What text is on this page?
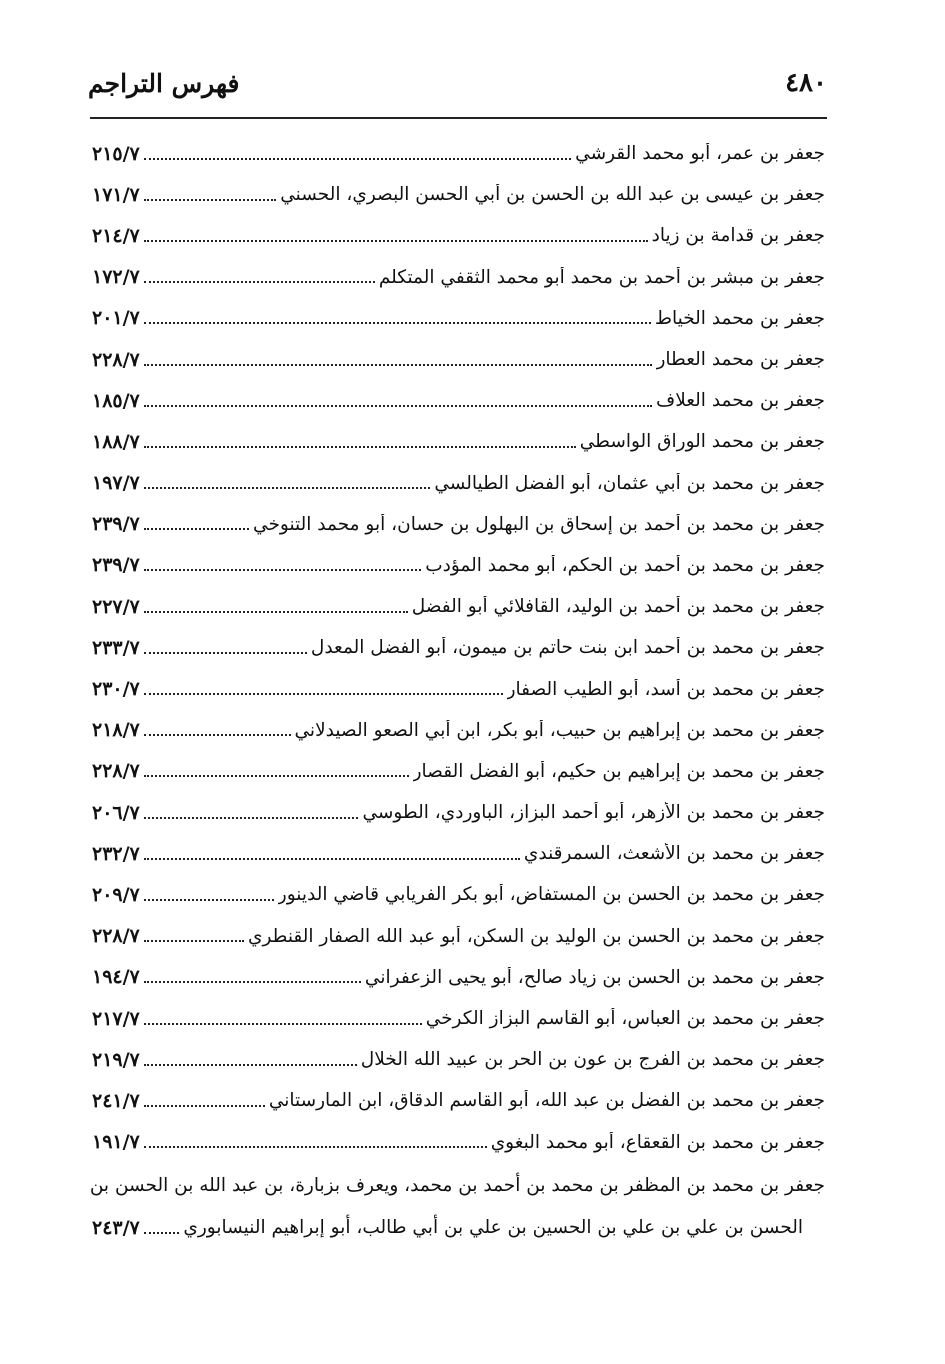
٤٨٠
فهرس التراجم
جعفر بن عمر، أبو محمد القرشي
٢١٥/٧
جعفر بن عيسى بن عبد الله بن الحسن بن أبي الحسن البصري، الحسني
١٧١/٧
جعفر بن قدامة بن زياد
٢١٤/٧
جعفر بن مبشر بن أحمد بن محمد أبو محمد الثقفي المتكلم
١٧٢/٧
جعفر بن محمد الخياط
٢٠١/٧
جعفر بن محمد العطار
٢٢٨/٧
جعفر بن محمد العلاف
١٨٥/٧
جعفر بن محمد الوراق الواسطي
١٨٨/٧
جعفر بن محمد بن أبي عثمان، أبو الفضل الطيالسي
١٩٧/٧
جعفر بن محمد بن أحمد بن إسحاق بن البهلول بن حسان، أبو محمد التنوخي
٢٣٩/٧
جعفر بن محمد بن أحمد بن الحكم، أبو محمد المؤدب
٢٣٩/٧
جعفر بن محمد بن أحمد بن الوليد، القافلائي أبو الفضل
٢٢٧/٧
جعفر بن محمد بن أحمد ابن بنت حاتم بن ميمون، أبو الفضل المعدل
٢٣٣/٧
جعفر بن محمد بن أسد، أبو الطيب الصفار
٢٣٠/٧
جعفر بن محمد بن إبراهيم بن حبيب، أبو بكر، ابن أبي الصعو الصيدلاني
٢١٨/٧
جعفر بن محمد بن إبراهيم بن حكيم، أبو الفضل القصار
٢٢٨/٧
جعفر بن محمد بن الأزهر، أبو أحمد البزاز، الباوردي، الطوسي
٢٠٦/٧
جعفر بن محمد بن الأشعث، السمرقندي
٢٣٢/٧
جعفر بن محمد بن الحسن بن المستفاض، أبو بكر الفريابي قاضي الدينور
٢٠٩/٧
جعفر بن محمد بن الحسن بن الوليد بن السكن، أبو عبد الله الصفار القنطري
٢٢٨/٧
جعفر بن محمد بن الحسن بن زياد صالح، أبو يحيى الزعفراني
١٩٤/٧
جعفر بن محمد بن العباس، أبو القاسم البزاز الكرخي
٢١٧/٧
جعفر بن محمد بن الفرج بن عون بن الحر بن عبيد الله الخلال
٢١٩/٧
جعفر بن محمد بن الفضل بن عبد الله، أبو القاسم الدقاق، ابن المارستاني
٢٤١/٧
جعفر بن محمد بن القعقاع، أبو محمد البغوي
١٩١/٧
جعفر بن محمد بن المظفر بن محمد بن أحمد بن محمد، ويعرف بزبارة، بن عبد الله بن الحسن بن
الحسن بن علي بن علي بن الحسين بن علي بن أبي طالب، أبو إبراهيم النيسابوري
٢٤٣/٧
